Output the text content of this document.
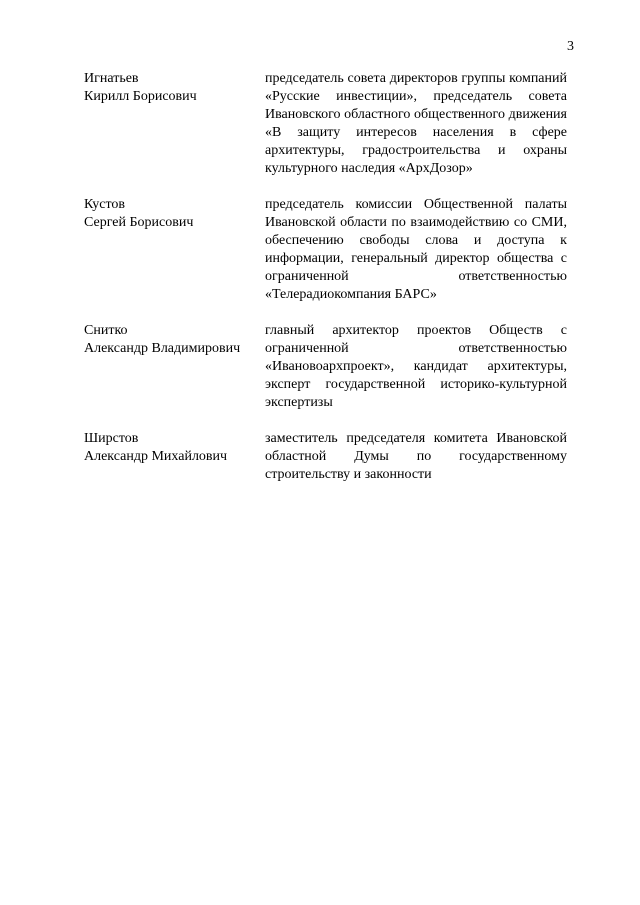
3
Игнатьев
Кирилл Борисович
председатель совета директоров группы компаний «Русские инвестиции», председатель совета Ивановского областного общественного движения «В защиту интересов населения в сфере архитектуры, градостроительства и охраны культурного наследия «АрхДозор»
Кустов
Сергей Борисович
председатель комиссии Общественной палаты Ивановской области по взаимодействию со СМИ, обеспечению свободы слова и доступа к информации, генеральный директор общества с ограниченной ответственностью «Телерадиокомпания БАРС»
Снитко
Александр Владимирович
главный архитектор проектов Обществ с ограниченной ответственностью «Ивановоархпроект», кандидат архитектуры, эксперт государственной историко-культурной экспертизы
Ширстов
Александр Михайлович
заместитель председателя комитета Ивановской областной Думы по государственному строительству и законности
